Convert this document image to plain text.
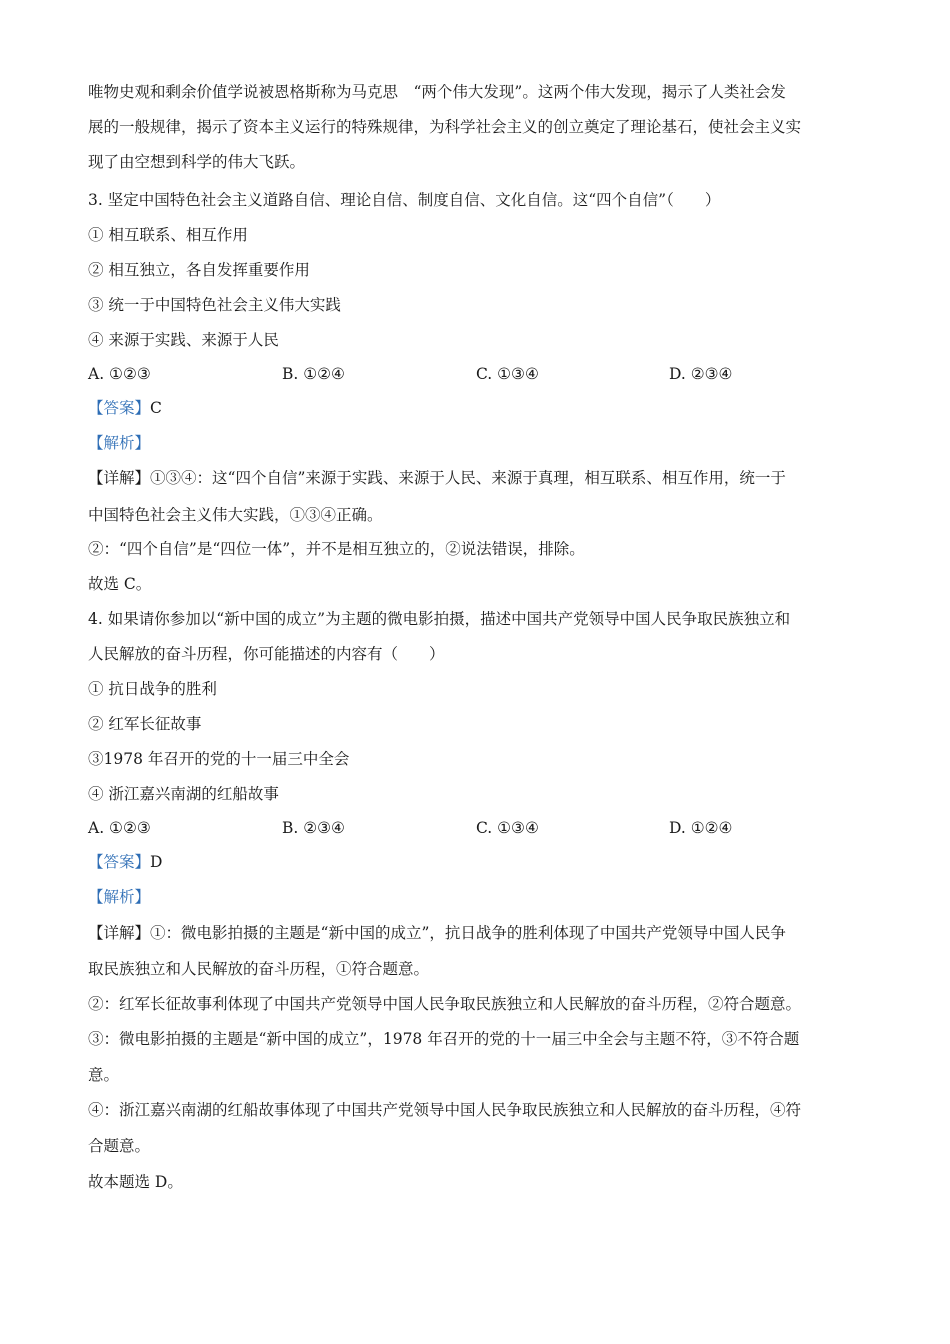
唯物史观和剩余价值学说被恩格斯称为马克思　“两个伟大发现”。这两个伟大发现，揭示了人类社会发
展的一般规律，揭示了资本主义运行的特殊规律，为科学社会主义的创立奠定了理论基石，使社会主义实
现了由空想到科学的伟大飞跃。
3. 坚定中国特色社会主义道路自信、理论自信、制度自信、文化自信。这“四个自信”（　　）
① 相互联系、相互作用
② 相互独立，各自发挥重要作用
③ 统一于中国特色社会主义伟大实践
④ 来源于实践、来源于人民
A. ①②③	B. ①②④	C. ①③④	D. ②③④
【答案】C
【解析】
【详解】①③④：这“四个自信”来源于实践、来源于人民、来源于真理，相互联系、相互作用，统一于
中国特色社会主义伟大实践，①③④正确。
②：“四个自信”是“四位一体”，并不是相互独立的，②说法错误，排除。
故选 C。
4. 如果请你参加以“新中国的成立”为主题的微电影拍摄，描述中国共产党领导中国人民争取民族独立和
人民解放的奋斗历程，你可能描述的内容有（　　）
① 抗日战争的胜利
② 红军长征故事
③1978 年召开的党的十一届三中全会
④ 浙江嘉兴南湖的红船故事
A. ①②③	B. ②③④	C. ①③④	D. ①②④
【答案】D
【解析】
【详解】①：微电影拍摄的主题是“新中国的成立”，抗日战争的胜利体现了中国共产党领导中国人民争
取民族独立和人民解放的奋斗历程，①符合题意。
②：红军长征故事利体现了中国共产党领导中国人民争取民族独立和人民解放的奋斗历程，②符合题意。
③：微电影拍摄的主题是“新中国的成立”，1978 年召开的党的十一届三中全会与主题不符，③不符合题
意。
④：浙江嘉兴南湖的红船故事体现了中国共产党领导中国人民争取民族独立和人民解放的奋斗历程，④符
合题意。
故本题选 D。
